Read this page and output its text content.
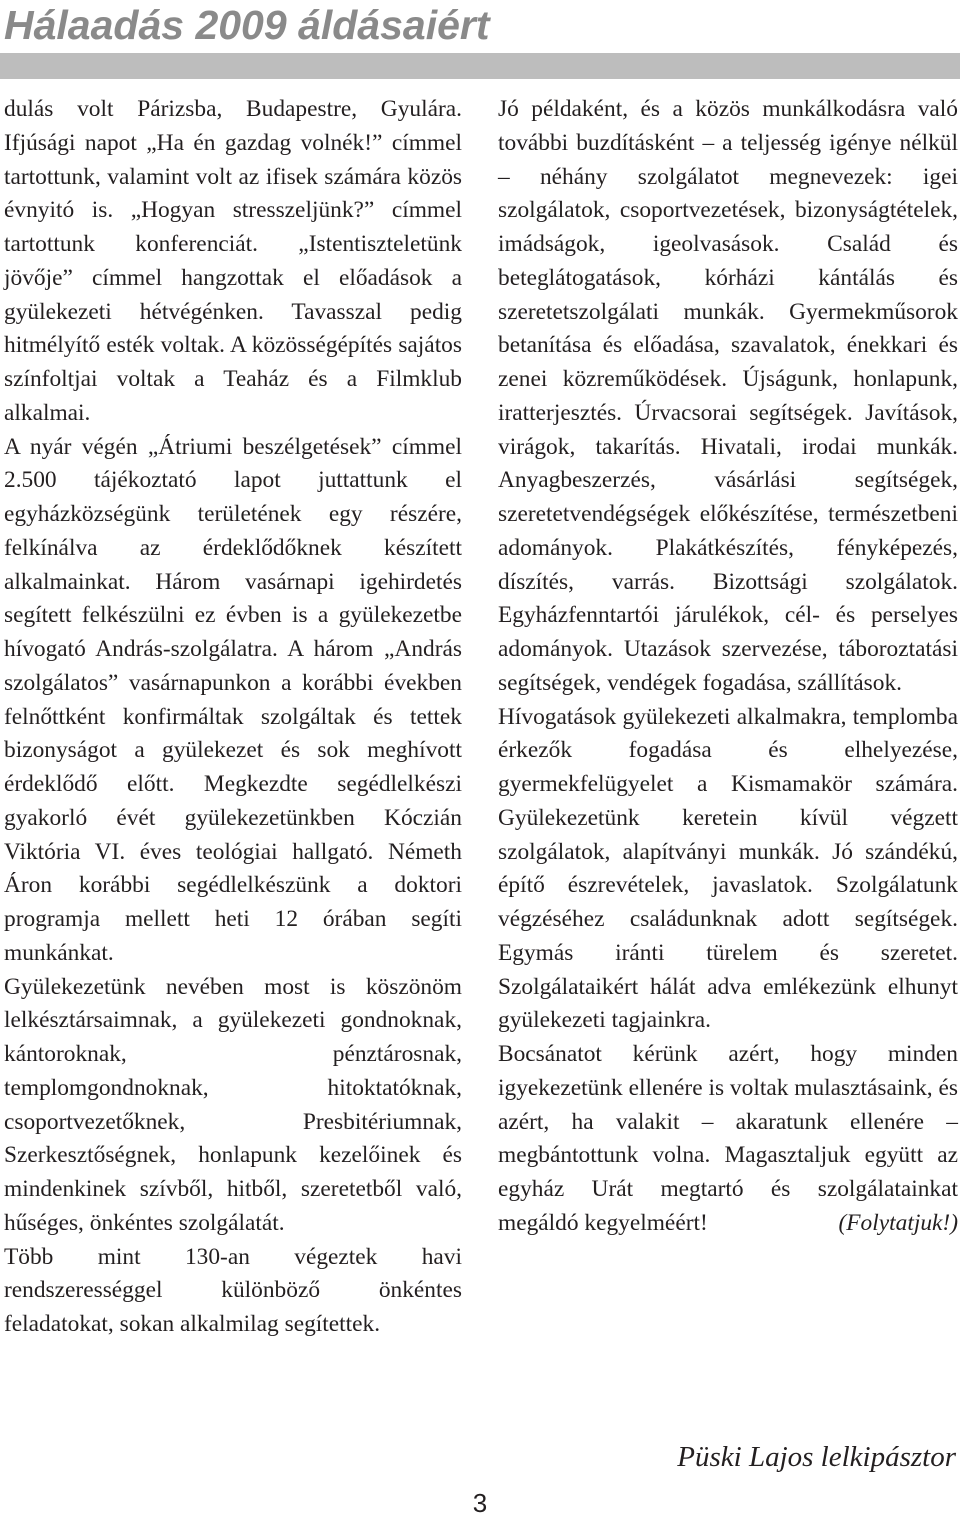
Hálaadás 2009 áldásaiért

dulás volt Párizsba, Budapestre, Gyulára. Ifjúsági napot „Ha én gazdag volnék!” címmel tartottunk, valamint volt az ifisek számára közös évnyitó is. „Hogyan stresszeljünk?” címmel tartottunk konferenciát. „Istentiszteletünk jövője” címmel hangzottak el előadások a gyülekezeti hétvégénken. Tavasszal pedig hitmélyítő esték voltak. A közösségépítés sajátos színfoltjai voltak a Teaház és a Filmklub alkalmai.

A nyár végén „Átriumi beszélgetések” címmel 2.500 tájékoztató lapot juttattunk el egyházközségünk területének egy részére, felkínálva az érdeklődőknek készített alkalmainkat. Három vasárnapi igehirdetés segített felkészülni ez évben is a gyülekezetbe hívogató András-szolgálatra. A három „András szolgálatos” vasárnapunkon a korábbi években felnőttként konfirmáltak szolgáltak és tettek bizonyságot a gyülekezet és sok meghívott érdeklődő előtt. Megkezdte segédlelkészi gyakorló évét gyülekezetünkben Kóczián Viktória VI. éves teológiai hallgató. Németh Áron korábbi segédlelkészünk a doktori programja mellett heti 12 órában segíti munkánkat.

Gyülekezetünk nevében most is köszönöm lelkésztársaimnak, a gyülekezeti gondnoknak, kántoroknak, pénztárosnak, templomgondnoknak, hitoktatóknak, csoportvezetőknek, Presbitériumnak, Szerkesztőségnek, honlapunk kezelőinek és mindenkinek szívből, hitből, szeretetből való, hűséges, önkéntes szolgálatát.

Több mint 130-an végeztek havi rendszerességgel különböző önkéntes feladatokat, sokan alkalmilag segítettek.

Jó példaként, és a közös munkálkodásra való további buzdításként – a teljesség igénye nélkül – néhány szolgálatot megnevezek: igei szolgálatok, csoportvezetések, bizonyságtételek, imádságok, igeolvasások. Család és beteglátogatások, kórházi kántálás és szeretetszolgálati munkák. Gyermekműsorok betanítása és előadása, szavalatok, énekkari és zenei közreműködések. Újságunk, honlapunk, iratterjesztés. Úrvacsorai segítségek. Javítások, virágok, takarítás. Hivatali, irodai munkák. Anyagbeszerzés, vásárlási segítségek, szeretetvendégségek előkészítése, természetbeni adományok. Plakátkészítés, fényképezés, díszítés, varrás. Bizottsági szolgálatok. Egyházfenntartói járulékok, cél- és perselyes adományok. Utazások szervezése, táboroztatási segítségek, vendégek fogadása, szállítások.

Hívogatások gyülekezeti alkalmakra, templomba érkezők fogadása és elhelyezése, gyermekfelügyelet a Kismamakör számára. Gyülekezetünk keretein kívül végzett szolgálatok, alapítványi munkák. Jó szándékú, építő észrevételek, javaslatok. Szolgálatunk végzéséhez családunknak adott segítségek. Egymás iránti türelem és szeretet. Szolgálataikért hálát adva emlékezünk elhunyt gyülekezeti tagjainkra.

Bocsánatot kérünk azért, hogy minden igyekezetünk ellenére is voltak mulasztásaink, és azért, ha valakit – akaratunk ellenére – megbántottunk volna. Magasztaljuk együtt az egyház Urát megtartó és szolgálatainkat megáldó kegyelméért!	(Folytatjuk!)

Püski Lajos lelkipásztor
3
